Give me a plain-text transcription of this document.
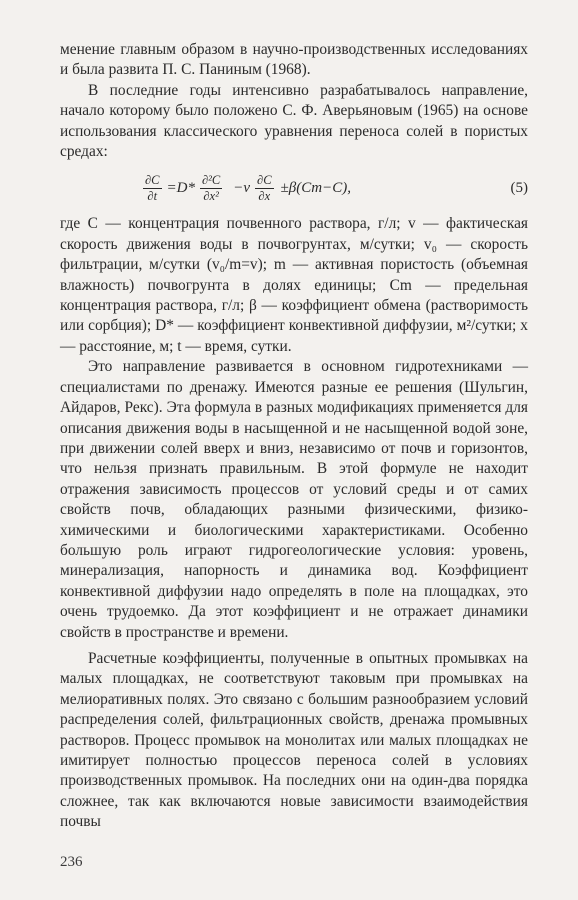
менение главным образом в научно-производственных исследованиях и была развита П. С. Паниным (1968).

В последние годы интенсивно разрабатывалось направление, начало которому было положено С. Ф. Аверьяновым (1965) на основе использования классического уравнения переноса солей в пористых средах:

$\frac{\partial C}{\partial t} =D* \frac{\text{∂²C}}{\text{∂x²}} -v \frac{\partial C}{\partial x} \pm\beta(Cm-C)$,	(5)

где C — концентрация почвенного раствора, г/л; v — фактическая скорость движения воды в почвогрунтах, м/сутки; v₀ — скорость фильтрации, м/сутки (v₀/m=v); m — активная пористость (объемная влажность) почвогрунта в долях единицы; Cm — предельная концентрация раствора, г/л; β — коэффициент обмена (растворимость или сорбция); D* — коэффициент конвективной диффузии, м²/сутки; x — расстояние, м; t — время, сутки.

Это направление развивается в основном гидротехниками — специалистами по дренажу. Имеются разные ее решения (Шульгин, Айдаров, Рекс). Эта формула в разных модификациях применяется для описания движения воды в насыщенной и не насыщенной водой зоне, при движении солей вверх и вниз, независимо от почв и горизонтов, что нельзя признать правильным. В этой формуле не находит отражения зависимость процессов от условий среды и от самих свойств почв, обладающих разными физическими, физико-химическими и биологическими характеристиками. Особенно большую роль играют гидрогеологические условия: уровень, минерализация, напорность и динамика вод. Коэффициент конвективной диффузии надо определять в поле на площадках, это очень трудоемко. Да этот коэффициент и не отражает динамики свойств в пространстве и времени.

Расчетные коэффициенты, полученные в опытных промывках на малых площадках, не соответствуют таковым при промывках на мелиоративных полях. Это связано с большим разнообразием условий распределения солей, фильтрационных свойств, дренажа промывных растворов. Процесс промывок на монолитах или малых площадках не имитирует полностью процессов переноса солей в условиях производственных промывок. На последних они на один-два порядка сложнее, так как включаются новые зависимости взаимодействия почвы

236
